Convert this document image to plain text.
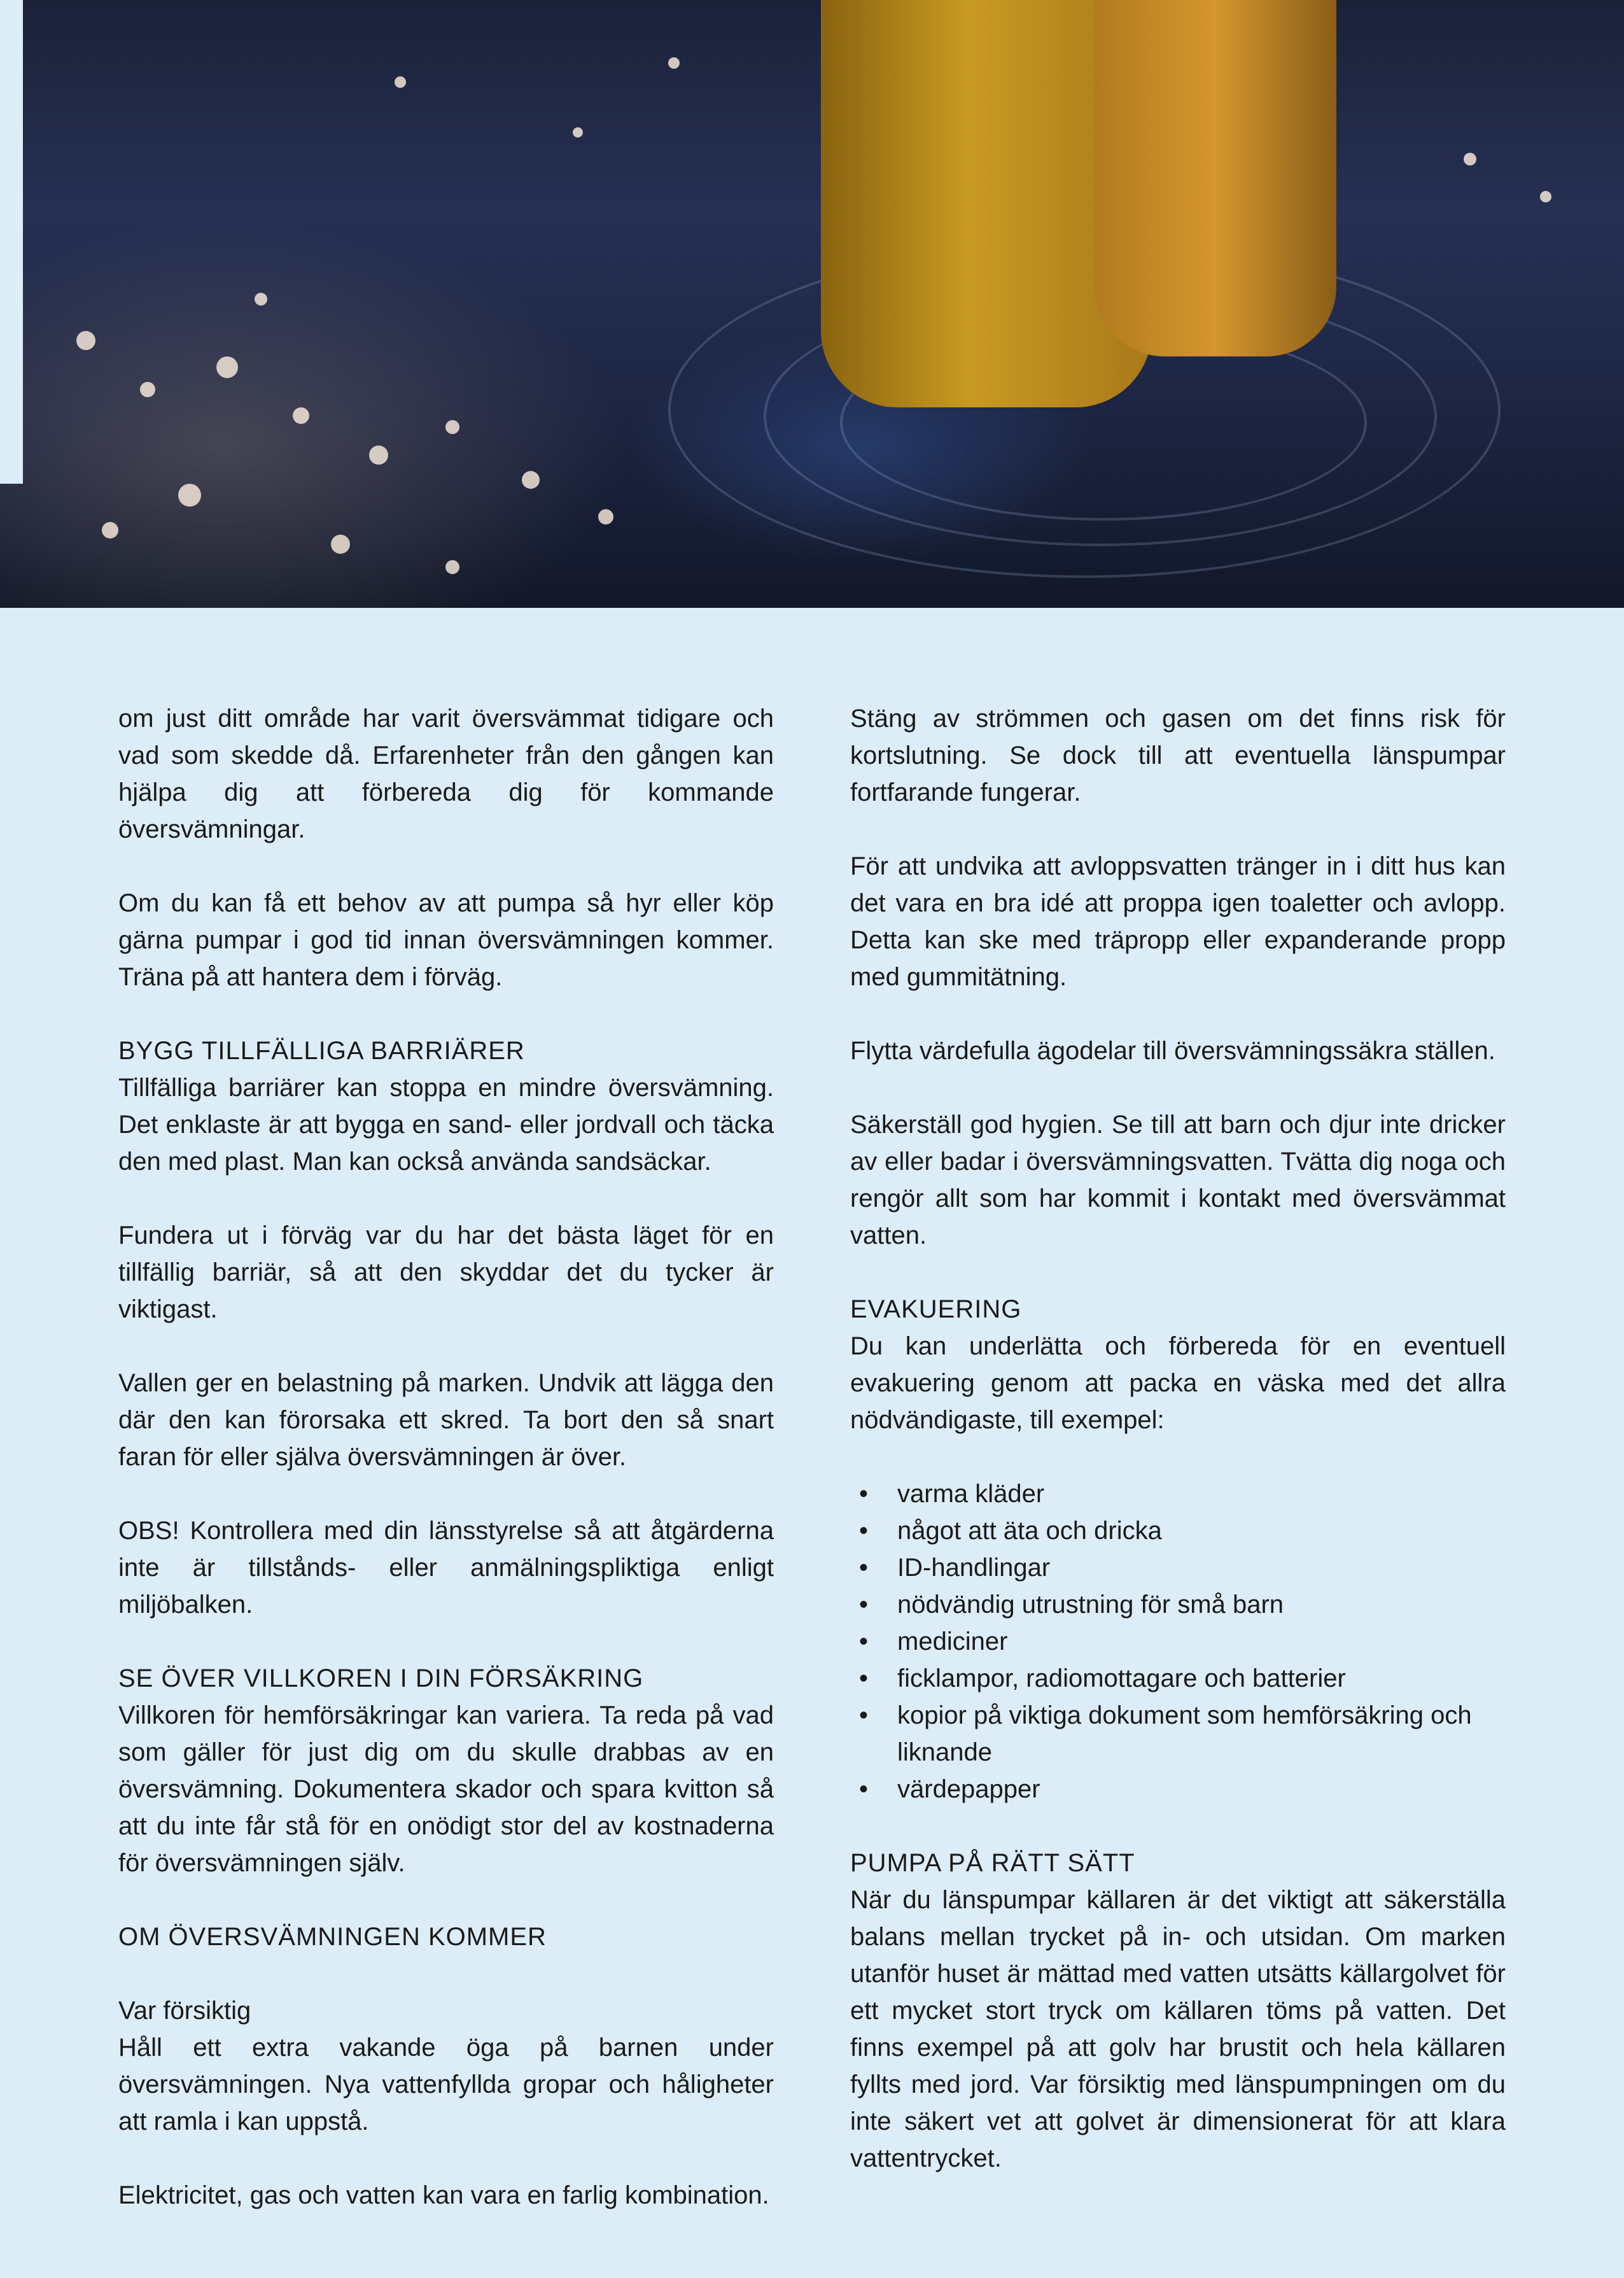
om just ditt område har varit översvämmat tidigare och vad som skedde då. Erfarenheter från den gången kan hjälpa dig att förbereda dig för kommande översvämningar.

Om du kan få ett behov av att pumpa så hyr eller köp gärna pumpar i god tid innan översvämningen kommer. Träna på att hantera dem i förväg.

BYGG TILLFÄLLIGA BARRIÄRER

Tillfälliga barriärer kan stoppa en mindre översvämning. Det enklaste är att bygga en sand- eller jordvall och täcka den med plast. Man kan också använda sandsäckar.

Fundera ut i förväg var du har det bästa läget för en tillfällig barriär, så att den skyddar det du tycker är viktigast.

Vallen ger en belastning på marken. Undvik att lägga den där den kan förorsaka ett skred. Ta bort den så snart faran för eller själva översvämningen är över.

OBS! Kontrollera med din länsstyrelse så att åtgärderna inte är tillstånds- eller anmälningspliktiga enligt miljöbalken.

SE ÖVER VILLKOREN I DIN FÖRSÄKRING

Villkoren för hemförsäkringar kan variera. Ta reda på vad som gäller för just dig om du skulle drabbas av en översvämning. Dokumentera skador och spara kvitton så att du inte får stå för en onödigt stor del av kostnaderna för översvämningen själv.

OM ÖVERSVÄMNINGEN KOMMER
Var försiktig

Håll ett extra vakande öga på barnen under översvämningen. Nya vattenfyllda gropar och håligheter att ramla i kan uppstå.

Elektricitet, gas och vatten kan vara en farlig kombination.

Stäng av strömmen och gasen om det finns risk för kortslutning. Se dock till att eventuella länspumpar fortfarande fungerar.

För att undvika att avloppsvatten tränger in i ditt hus kan det vara en bra idé att proppa igen toaletter och avlopp. Detta kan ske med träpropp eller expanderande propp med gummitätning.

Flytta värdefulla ägodelar till översvämningssäkra ställen.

Säkerställ god hygien. Se till att barn och djur inte dricker av eller badar i översvämningsvatten. Tvätta dig noga och rengör allt som har kommit i kontakt med översvämmat vatten.

EVAKUERING

Du kan underlätta och förbereda för en eventuell evakuering genom att packa en väska med det allra nödvändigaste, till exempel:

• varma kläder
• något att äta och dricka
• ID-handlingar
• nödvändig utrustning för små barn
• mediciner
• ficklampor, radiomottagare och batterier
• kopior på viktiga dokument som hemförsäkring och liknande
• värdepapper
PUMPA PÅ RÄTT SÄTT

När du länspumpar källaren är det viktigt att säkerställa balans mellan trycket på in- och utsidan. Om marken utanför huset är mättad med vatten utsätts källargolvet för ett mycket stort tryck om källaren töms på vatten. Det finns exempel på att golv har brustit och hela källaren fyllts med jord. Var försiktig med länspumpningen om du inte säkert vet att golvet är dimensionerat för att klara vattentrycket.
